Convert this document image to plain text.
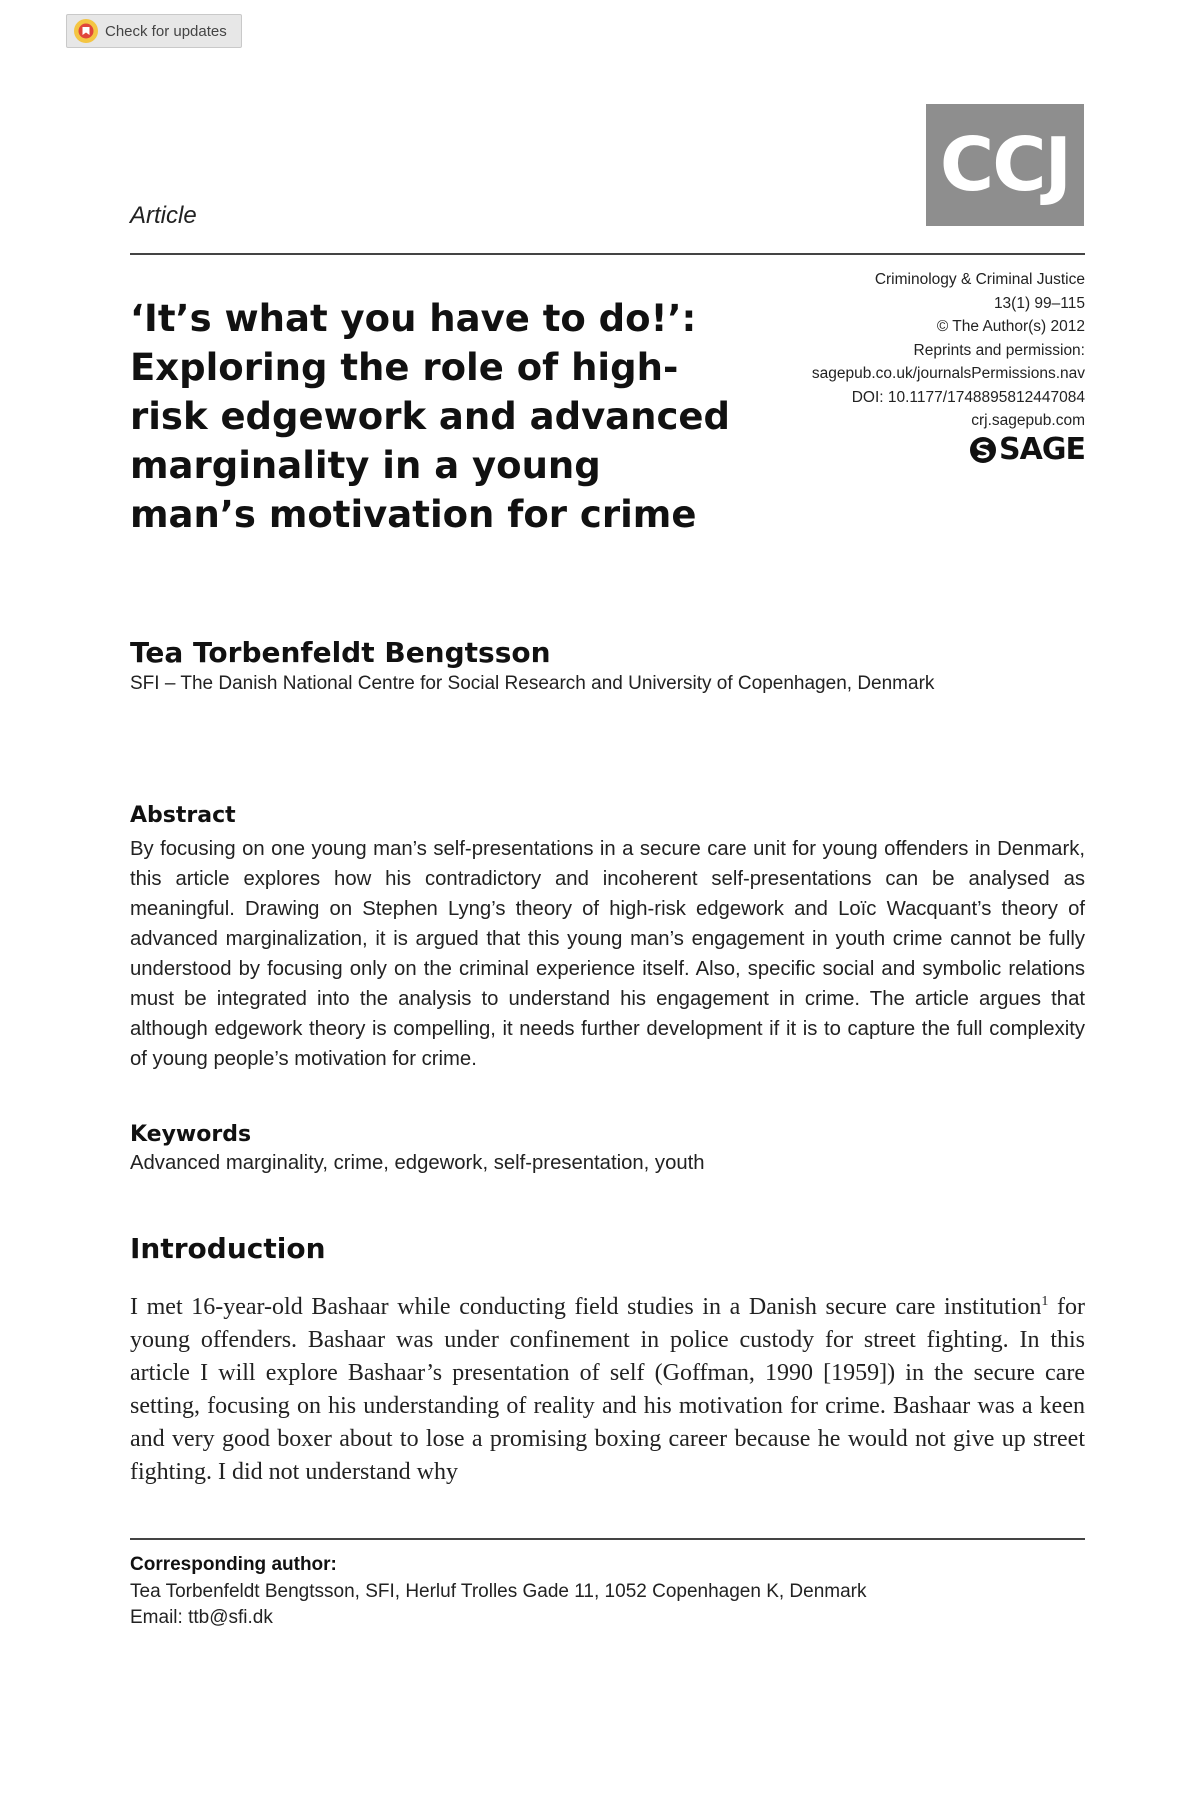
Check for updates
CCJ
Article
Criminology & Criminal Justice
13(1) 99–115
© The Author(s) 2012
Reprints and permission:
sagepub.co.uk/journalsPermissions.nav
DOI: 10.1177/1748895812447084
crj.sagepub.com
SAGE
‘It’s what you have to do!’: Exploring the role of high-risk edgework and advanced marginality in a young man’s motivation for crime
Tea Torbenfeldt Bengtsson
SFI – The Danish National Centre for Social Research and University of Copenhagen, Denmark
Abstract

By focusing on one young man’s self-presentations in a secure care unit for young offenders in Denmark, this article explores how his contradictory and incoherent self-presentations can be analysed as meaningful. Drawing on Stephen Lyng’s theory of high-risk edgework and Loïc Wacquant’s theory of advanced marginalization, it is argued that this young man’s engagement in youth crime cannot be fully understood by focusing only on the criminal experience itself. Also, specific social and symbolic relations must be integrated into the analysis to understand his engagement in crime. The article argues that although edgework theory is compelling, it needs further development if it is to capture the full complexity of young people’s motivation for crime.

Keywords
Advanced marginality, crime, edgework, self-presentation, youth
Introduction

I met 16-year-old Bashaar while conducting field studies in a Danish secure care institution$^1$ for young offenders. Bashaar was under confinement in police custody for street fighting. In this article I will explore Bashaar’s presentation of self (Goffman, 1990 [1959]) in the secure care setting, focusing on his understanding of reality and his motivation for crime. Bashaar was a keen and very good boxer about to lose a promising boxing career because he would not give up street fighting. I did not understand why

Corresponding author:
Tea Torbenfeldt Bengtsson, SFI, Herluf Trolles Gade 11, 1052 Copenhagen K, Denmark
Email: ttb@sfi.dk
